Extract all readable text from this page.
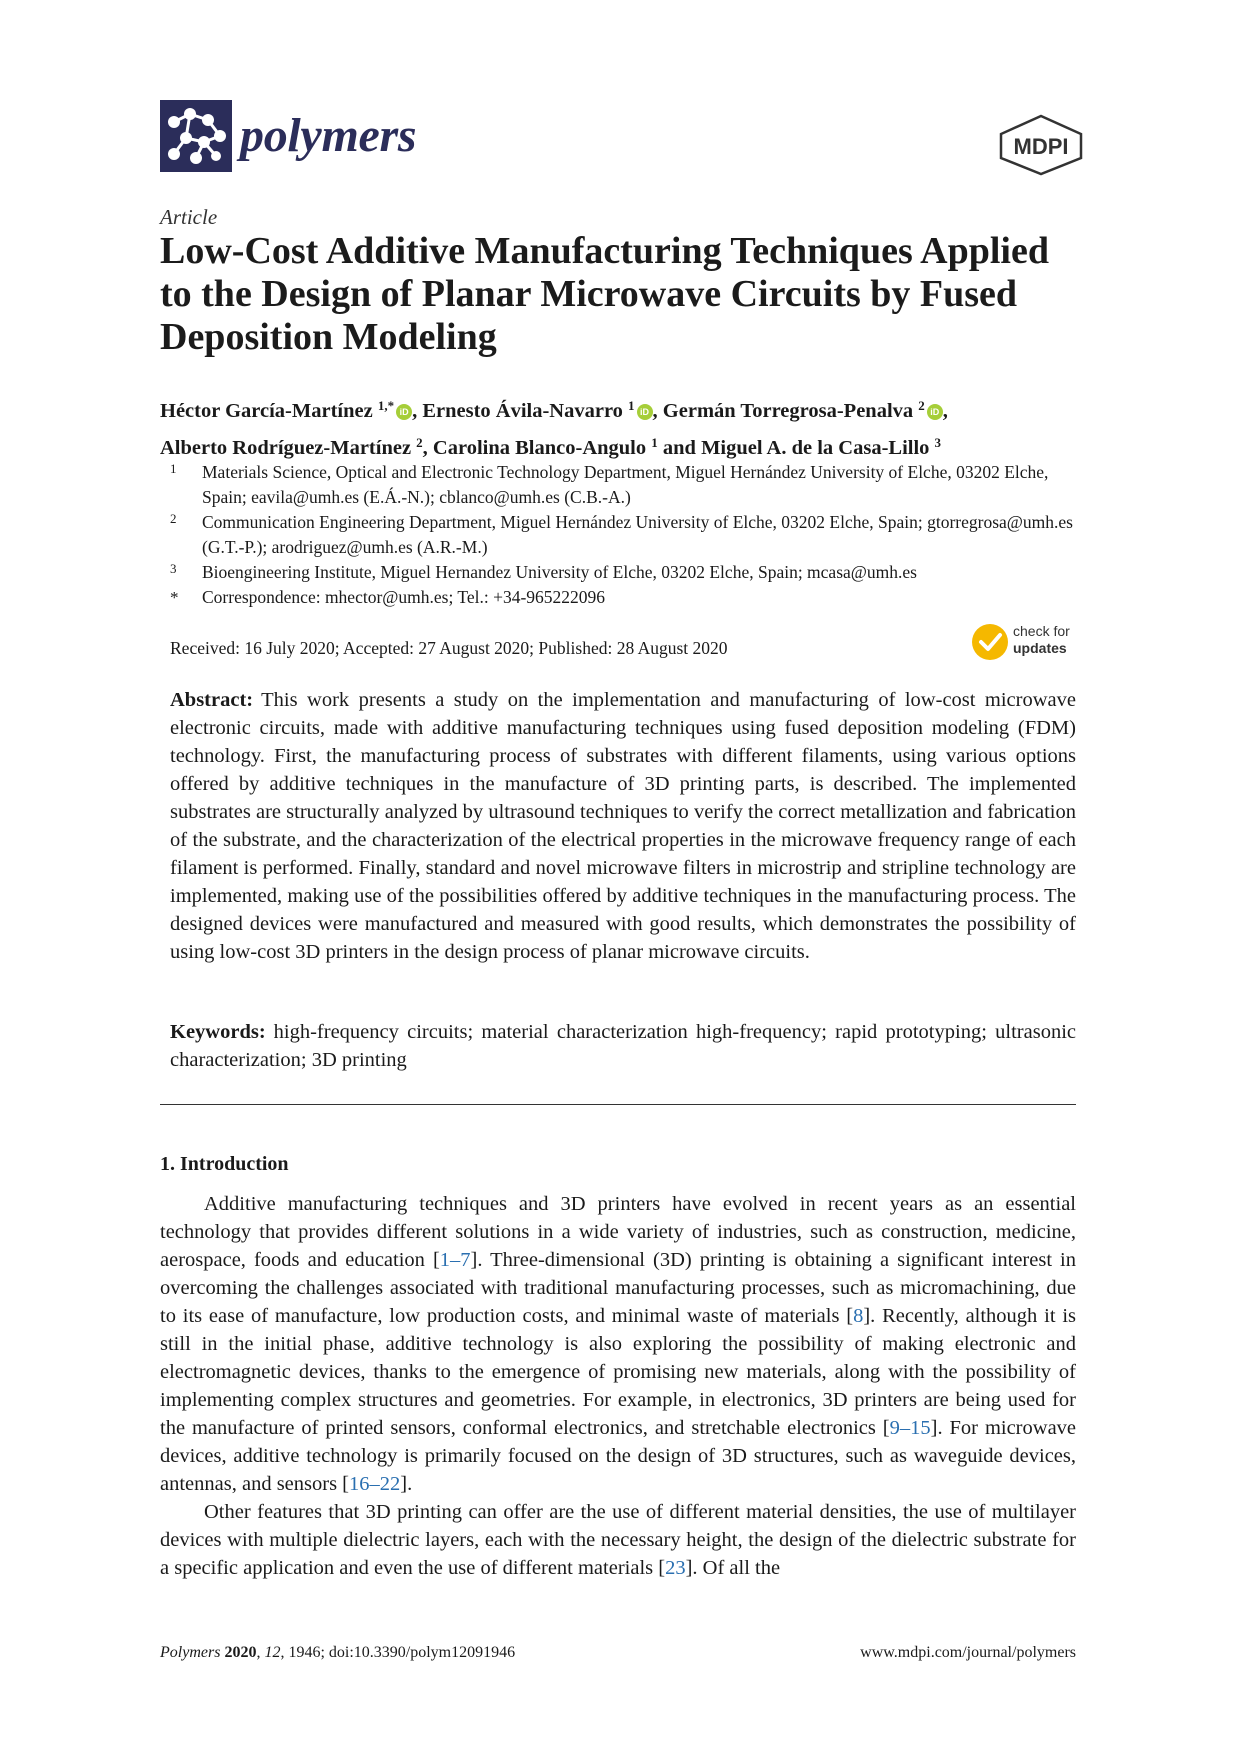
polymers	MDPI
Article
Low-Cost Additive Manufacturing Techniques Applied to the Design of Planar Microwave Circuits by Fused Deposition Modeling
Héctor García-Martínez $^{1,*}$ iD , Ernesto Ávila-Navarro $^1$ iD , Germán Torregrosa-Penalva $^2$ iD ,
Alberto Rodríguez-Martínez $^2$, Carolina Blanco-Angulo $^1$ and Miguel A. de la Casa-Lillo $^3$
1 Materials Science, Optical and Electronic Technology Department, Miguel Hernández University of Elche, 03202 Elche, Spain; eavila@umh.es (E.Á.-N.); cblanco@umh.es (C.B.-A.)
2 Communication Engineering Department, Miguel Hernández University of Elche, 03202 Elche, Spain; gtorregrosa@umh.es (G.T.-P.); arodriguez@umh.es (A.R.-M.)
3 Bioengineering Institute, Miguel Hernandez University of Elche, 03202 Elche, Spain; mcasa@umh.es
* Correspondence: mhector@umh.es; Tel.: +34-965222096
Received: 16 July 2020; Accepted: 27 August 2020; Published: 28 August 2020
check for
updates

Abstract: This work presents a study on the implementation and manufacturing of low-cost microwave electronic circuits, made with additive manufacturing techniques using fused deposition modeling (FDM) technology. First, the manufacturing process of substrates with different filaments, using various options offered by additive techniques in the manufacture of 3D printing parts, is described. The implemented substrates are structurally analyzed by ultrasound techniques to verify the correct metallization and fabrication of the substrate, and the characterization of the electrical properties in the microwave frequency range of each filament is performed. Finally, standard and novel microwave filters in microstrip and stripline technology are implemented, making use of the possibilities offered by additive techniques in the manufacturing process. The designed devices were manufactured and measured with good results, which demonstrates the possibility of using low-cost 3D printers in the design process of planar microwave circuits.

Keywords: high-frequency circuits; material characterization high-frequency; rapid prototyping; ultrasonic characterization; 3D printing

1. Introduction

Additive manufacturing techniques and 3D printers have evolved in recent years as an essential technology that provides different solutions in a wide variety of industries, such as construction, medicine, aerospace, foods and education [1–7]. Three-dimensional (3D) printing is obtaining a significant interest in overcoming the challenges associated with traditional manufacturing processes, such as micromachining, due to its ease of manufacture, low production costs, and minimal waste of materials [8]. Recently, although it is still in the initial phase, additive technology is also exploring the possibility of making electronic and electromagnetic devices, thanks to the emergence of promising new materials, along with the possibility of implementing complex structures and geometries. For example, in electronics, 3D printers are being used for the manufacture of printed sensors, conformal electronics, and stretchable electronics [9–15]. For microwave devices, additive technology is primarily focused on the design of 3D structures, such as waveguide devices, antennas, and sensors [16–22].

Other features that 3D printing can offer are the use of different material densities, the use of multilayer devices with multiple dielectric layers, each with the necessary height, the design of the dielectric substrate for a specific application and even the use of different materials [23]. Of all the

Polymers 2020, 12, 1946; doi:10.3390/polym12091946	www.mdpi.com/journal/polymers
